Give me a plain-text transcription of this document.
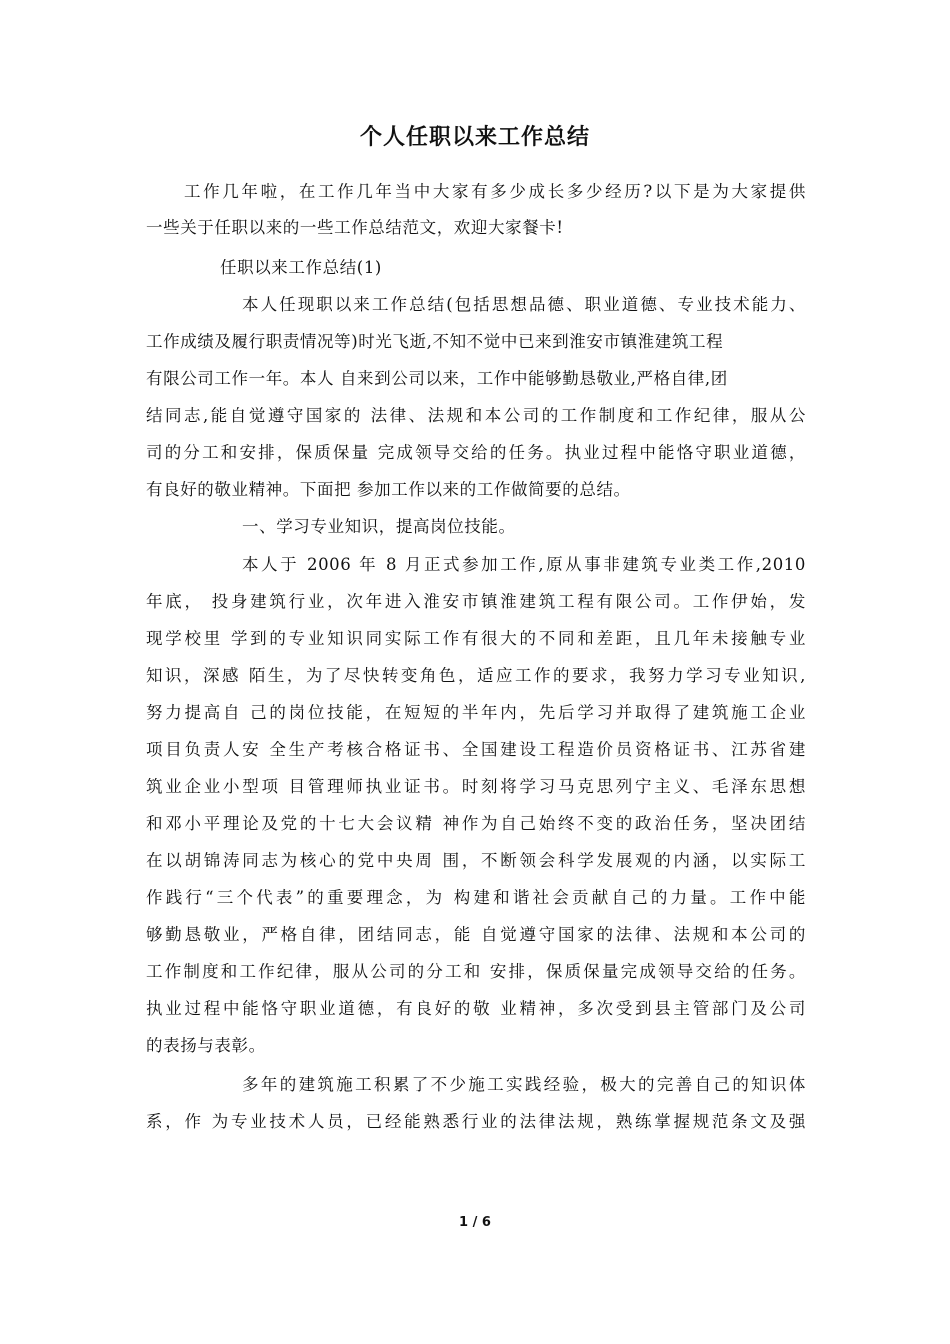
个人任职以来工作总结
工作几年啦，在工作几年当中大家有多少成长多少经历?以下是为大家提供
一些关于任职以来的一些工作总结范文，欢迎大家餐卡!
任职以来工作总结(1)
本人任现职以来工作总结(包括思想品德、职业道德、专业技术能力、
工作成绩及履行职责情况等)时光飞逝,不知不觉中已来到淮安市镇淮建筑工程
有限公司工作一年。本人 自来到公司以来，工作中能够勤恳敬业,严格自律,团
结同志,能自觉遵守国家的 法律、法规和本公司的工作制度和工作纪律，服从公
司的分工和安排，保质保量 完成领导交给的任务。执业过程中能恪守职业道德，
有良好的敬业精神。下面把 参加工作以来的工作做简要的总结。
一、学习专业知识，提高岗位技能。
本人于 2006 年 8 月正式参加工作,原从事非建筑专业类工作,2010
年底， 投身建筑行业，次年进入淮安市镇淮建筑工程有限公司。工作伊始，发
现学校里 学到的专业知识同实际工作有很大的不同和差距，且几年未接触专业
知识，深感 陌生，为了尽快转变角色，适应工作的要求，我努力学习专业知识,
努力提高自 己的岗位技能，在短短的半年内，先后学习并取得了建筑施工企业
项目负责人安 全生产考核合格证书、全国建设工程造价员资格证书、江苏省建
筑业企业小型项 目管理师执业证书。时刻将学习马克思列宁主义、毛泽东思想
和邓小平理论及党的十七大会议精 神作为自己始终不变的政治任务，坚决团结
在以胡锦涛同志为核心的党中央周 围，不断领会科学发展观的内涵，以实际工
作践行“三个代表”的重要理念，为 构建和谐社会贡献自己的力量。工作中能
够勤恳敬业，严格自律，团结同志，能 自觉遵守国家的法律、法规和本公司的
工作制度和工作纪律，服从公司的分工和 安排，保质保量完成领导交给的任务。
执业过程中能恪守职业道德，有良好的敬 业精神，多次受到县主管部门及公司
的表扬与表彰。
多年的建筑施工积累了不少施工实践经验，极大的完善自己的知识体
系，作 为专业技术人员，已经能熟悉行业的法律法规，熟练掌握规范条文及强
1 / 6
